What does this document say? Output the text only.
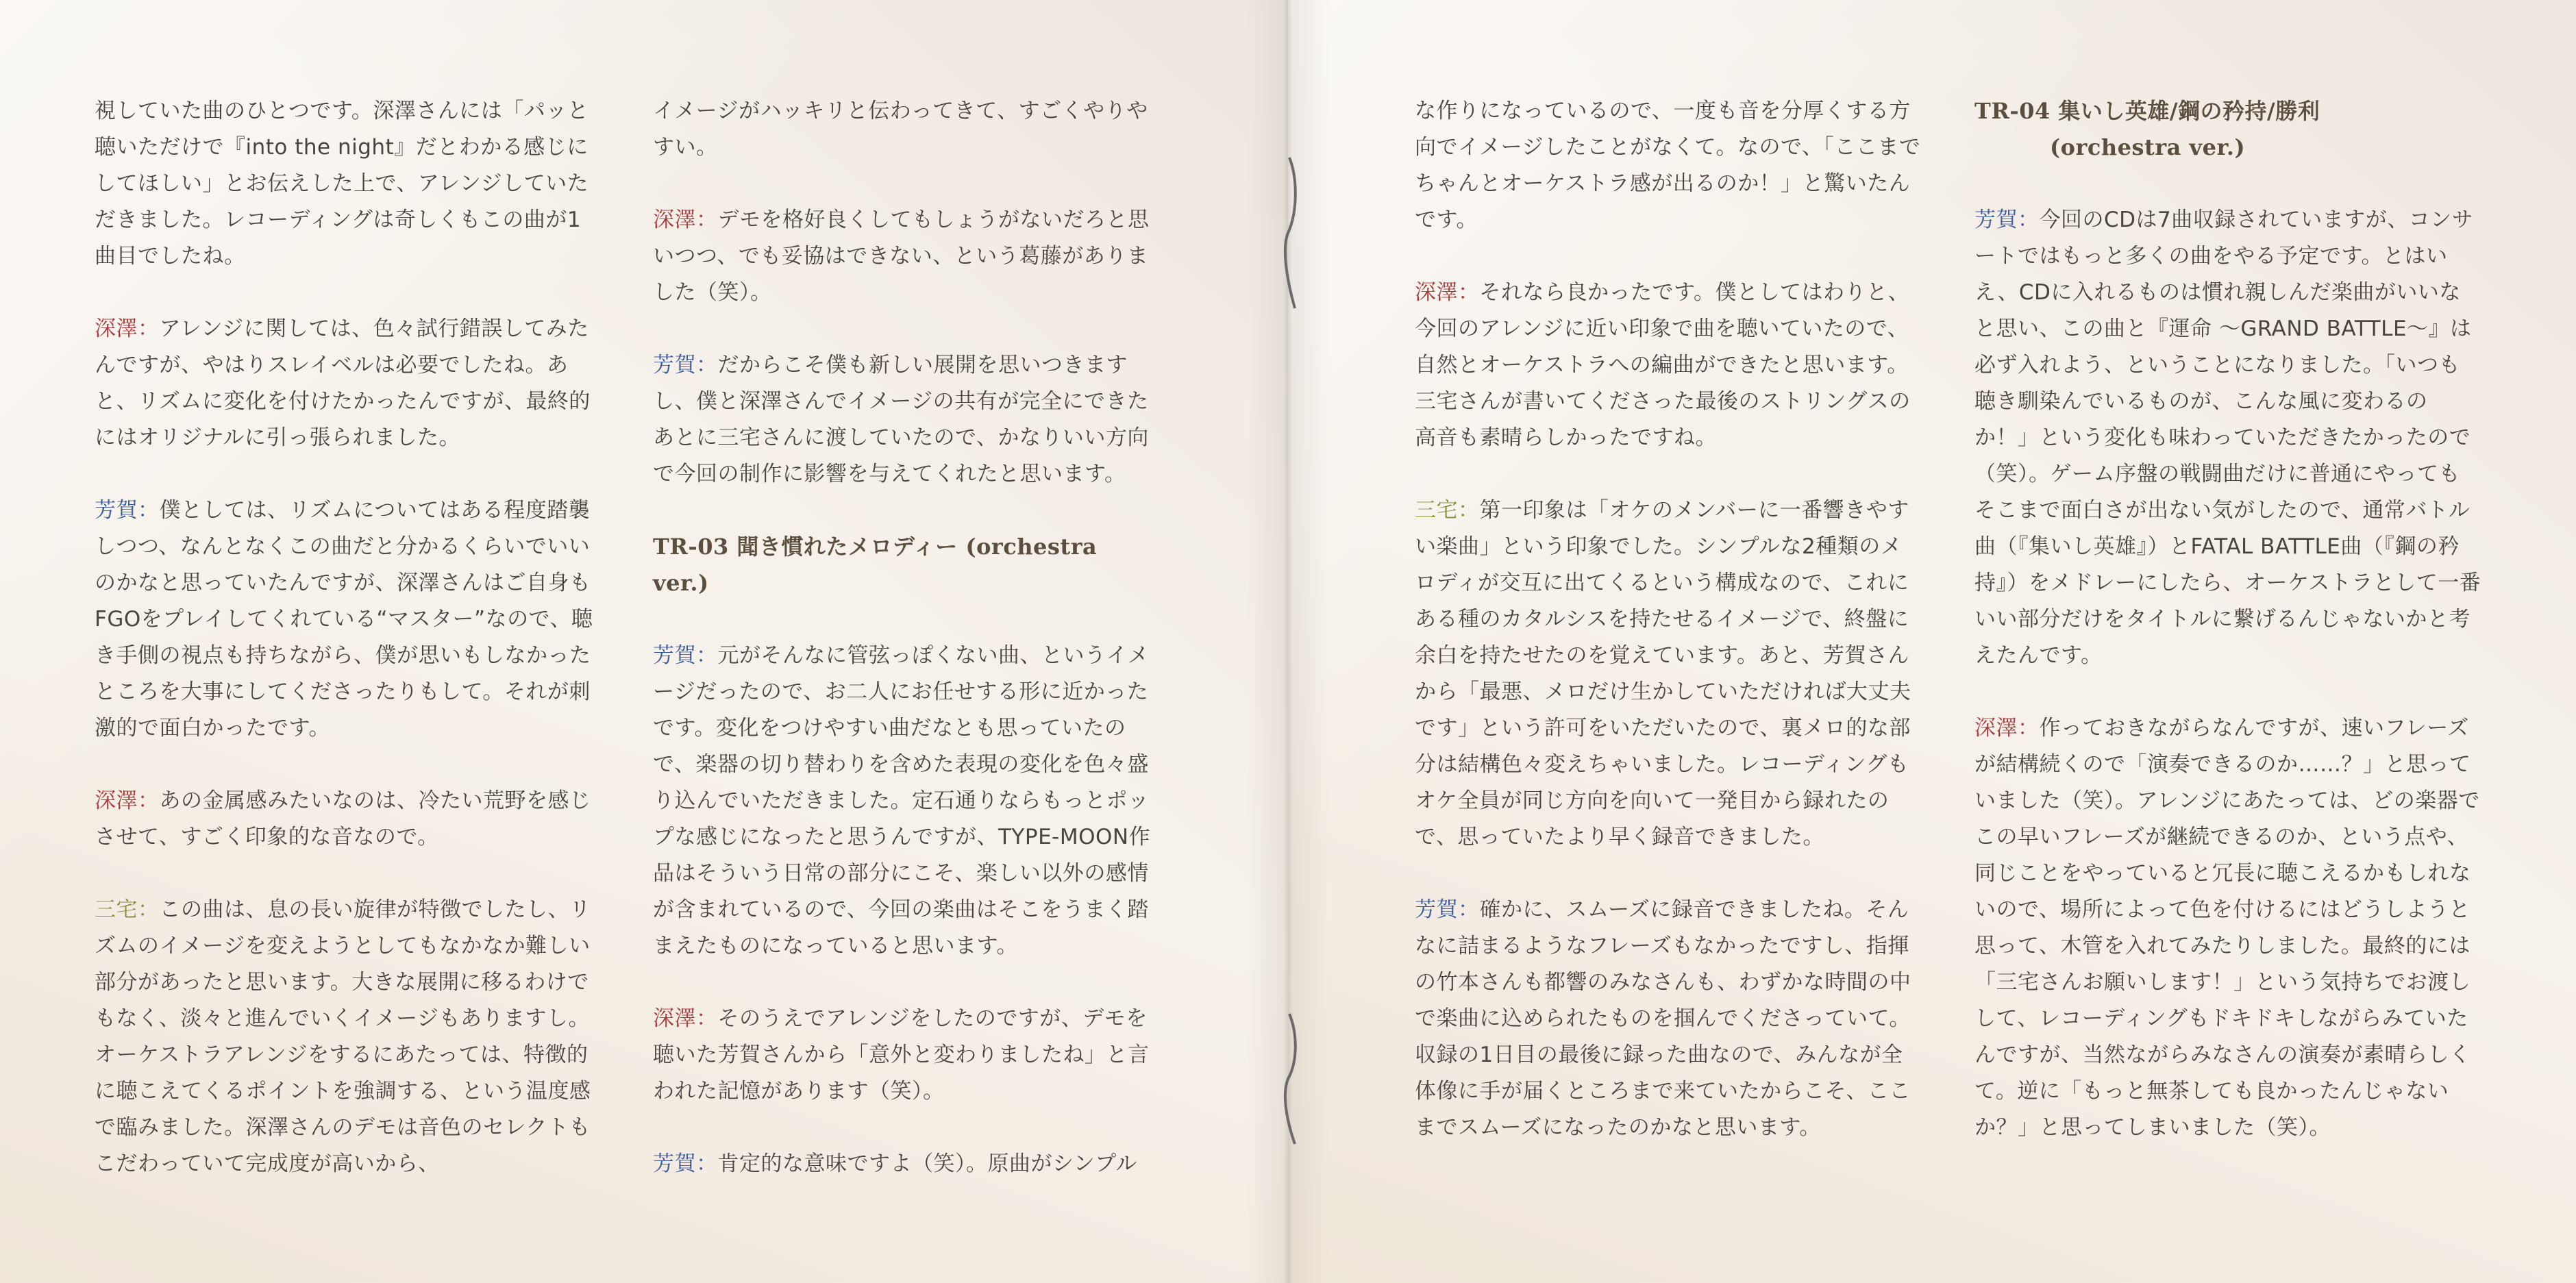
視していた曲のひとつです。深澤さんには「パッと聴いただけで『into the night』だとわかる感じにしてほしい」とお伝えした上で、アレンジしていただきました。レコーディングは奇しくもこの曲が1曲目でしたね。

深澤：アレンジに関しては、色々試行錯誤してみたんですが、やはりスレイベルは必要でしたね。あと、リズムに変化を付けたかったんですが、最終的にはオリジナルに引っ張られました。

芳賀：僕としては、リズムについてはある程度踏襲しつつ、なんとなくこの曲だと分かるくらいでいいのかなと思っていたんですが、深澤さんはご自身もFGOをプレイしてくれている“マスター”なので、聴き手側の視点も持ちながら、僕が思いもしなかったところを大事にしてくださったりもして。それが刺激的で面白かったです。

深澤：あの金属感みたいなのは、冷たい荒野を感じさせて、すごく印象的な音なので。

三宅：この曲は、息の長い旋律が特徴でしたし、リズムのイメージを変えようとしてもなかなか難しい部分があったと思います。大きな展開に移るわけでもなく、淡々と進んでいくイメージもありますし。オーケストラアレンジをするにあたっては、特徴的に聴こえてくるポイントを強調する、という温度感で臨みました。深澤さんのデモは音色のセレクトもこだわっていて完成度が高いから、

イメージがハッキリと伝わってきて、すごくやりやすい。

深澤：デモを格好良くしてもしょうがないだろと思いつつ、でも妥協はできない、という葛藤がありました（笑）。

芳賀：だからこそ僕も新しい展開を思いつきますし、僕と深澤さんでイメージの共有が完全にできたあとに三宅さんに渡していたので、かなりいい方向で今回の制作に影響を与えてくれたと思います。

TR-03 聞き慣れたメロディー (orchestra ver.)

芳賀：元がそんなに管弦っぽくない曲、というイメージだったので、お二人にお任せする形に近かったです。変化をつけやすい曲だなとも思っていたので、楽器の切り替わりを含めた表現の変化を色々盛り込んでいただきました。定石通りならもっとポップな感じになったと思うんですが、TYPE-MOON作品はそういう日常の部分にこそ、楽しい以外の感情が含まれているので、今回の楽曲はそこをうまく踏まえたものになっていると思います。

深澤：そのうえでアレンジをしたのですが、デモを聴いた芳賀さんから「意外と変わりましたね」と言われた記憶があります（笑）。

芳賀：肯定的な意味ですよ（笑）。原曲がシンプル

な作りになっているので、一度も音を分厚くする方向でイメージしたことがなくて。なので、「ここまでちゃんとオーケストラ感が出るのか！」と驚いたんです。

深澤：それなら良かったです。僕としてはわりと、今回のアレンジに近い印象で曲を聴いていたので、自然とオーケストラへの編曲ができたと思います。三宅さんが書いてくださった最後のストリングスの高音も素晴らしかったですね。

三宅：第一印象は「オケのメンバーに一番響きやすい楽曲」という印象でした。シンプルな2種類のメロディが交互に出てくるという構成なので、これにある種のカタルシスを持たせるイメージで、終盤に余白を持たせたのを覚えています。あと、芳賀さんから「最悪、メロだけ生かしていただければ大丈夫です」という許可をいただいたので、裏メロ的な部分は結構色々変えちゃいました。レコーディングもオケ全員が同じ方向を向いて一発目から録れたので、思っていたより早く録音できました。

芳賀：確かに、スムーズに録音できましたね。そんなに詰まるようなフレーズもなかったですし、指揮の竹本さんも都響のみなさんも、わずかな時間の中で楽曲に込められたものを掴んでくださっていて。収録の1日目の最後に録った曲なので、みんなが全体像に手が届くところまで来ていたからこそ、ここまでスムーズになったのかなと思います。

TR-04 集いし英雄/鋼の矜持/勝利
(orchestra ver.)

芳賀：今回のCDは7曲収録されていますが、コンサートではもっと多くの曲をやる予定です。とはいえ、CDに入れるものは慣れ親しんだ楽曲がいいなと思い、この曲と『運命 ～GRAND BATTLE～』は必ず入れよう、ということになりました。「いつも聴き馴染んでいるものが、こんな風に変わるのか！」という変化も味わっていただきたかったので（笑）。ゲーム序盤の戦闘曲だけに普通にやってもそこまで面白さが出ない気がしたので、通常バトル曲（『集いし英雄』）とFATAL BATTLE曲（『鋼の矜持』）をメドレーにしたら、オーケストラとして一番いい部分だけをタイトルに繋げるんじゃないかと考えたんです。

深澤：作っておきながらなんですが、速いフレーズが結構続くので「演奏できるのか……？」と思っていました（笑）。アレンジにあたっては、どの楽器でこの早いフレーズが継続できるのか、という点や、同じことをやっていると冗長に聴こえるかもしれないので、場所によって色を付けるにはどうしようと思って、木管を入れてみたりしました。最終的には「三宅さんお願いします！」という気持ちでお渡しして、レコーディングもドキドキしながらみていたんですが、当然ながらみなさんの演奏が素晴らしくて。逆に「もっと無茶しても良かったんじゃないか？」と思ってしまいました（笑）。
